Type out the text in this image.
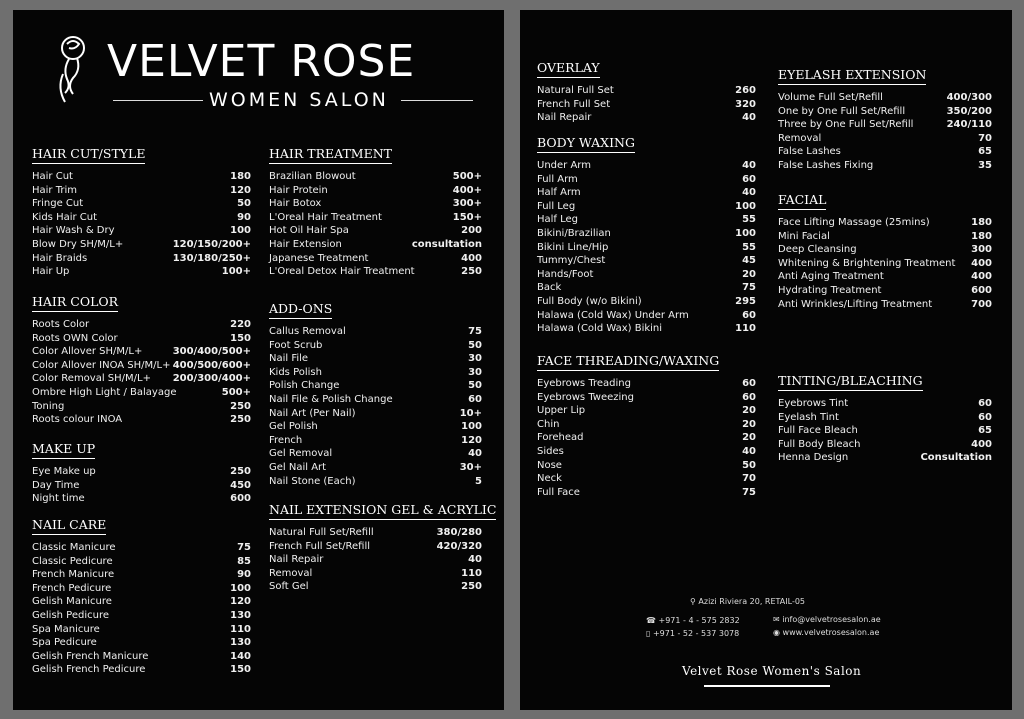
VELVET ROSE
WOMEN SALON
HAIR CUT/STYLE
Hair Cut	180
Hair Trim	120
Fringe Cut	50
Kids Hair Cut	90
Hair Wash & Dry	100
Blow Dry SH/M/L+	120/150/200+
Hair Braids	130/180/250+
Hair Up	100+
HAIR COLOR
Roots Color	220
Roots OWN Color	150
Color Allover SH/M/L+	300/400/500+
Color Allover INOA SH/M/L+ 400/500/600+
Color Removal SH/M/L+ 200/300/400+
Ombre High Light / Balayage	500+
Toning	250
Roots colour INOA	250
MAKE UP
Eye Make up	250
Day Time	450
Night time	600
NAIL CARE
Classic Manicure	75
Classic Pedicure	85
French Manicure	90
French Pedicure	100
Gelish Manicure	120
Gelish Pedicure	130
Spa Manicure	110
Spa Pedicure	130
Gelish French Manicure	140
Gelish French Pedicure	150
HAIR TREATMENT
Brazilian Blowout	500+
Hair Protein	400+
Hair Botox	300+
L'Oreal Hair Treatment	150+
Hot Oil Hair Spa	200
Hair Extension	consultation
Japanese Treatment	400
L'Oreal Detox Hair Treatment	250
ADD-ONS
Callus Removal	75
Foot Scrub	50
Nail File	30
Kids Polish	30
Polish Change	50
Nail File & Polish Change	60
Nail Art (Per Nail)	10+
Gel Polish	100
French	120
Gel Removal	40
Gel Nail Art	30+
Nail Stone (Each)	5
NAIL EXTENSION GEL & ACRYLIC
Natural Full Set/Refill	380/280
French Full Set/Refill	420/320
Nail Repair	40
Removal	110
Soft Gel	250
OVERLAY
Natural Full Set	260
French Full Set	320
Nail Repair	40
BODY WAXING
Under Arm	40
Full Arm	60
Half Arm	40
Full Leg	100
Half Leg	55
Bikini/Brazilian	100
Bikini Line/Hip	55
Tummy/Chest	45
Hands/Foot	20
Back	75
Full Body (w/o Bikini)	295
Halawa (Cold Wax) Under Arm	60
Halawa (Cold Wax) Bikini	110
FACE THREADING/WAXING
Eyebrows Treading	60
Eyebrows Tweezing	60
Upper Lip	20
Chin	20
Forehead	20
Sides	40
Nose	50
Neck	70
Full Face	75
EYELASH EXTENSION
Volume Full Set/Refill	400/300
One by One Full Set/Refill	350/200
Three by One Full Set/Refill	240/110
Removal	70
False Lashes	65
False Lashes Fixing	35
FACIAL
Face Lifting Massage (25mins)	180
Mini Facial	180
Deep Cleansing	300
Whitening & Brightening Treatment 400
Anti Aging Treatment	400
Hydrating Treatment	600
Anti Wrinkles/Lifting Treatment	700
TINTING/BLEACHING
Eyebrows Tint	60
Eyelash Tint	60
Full Face Bleach	65
Full Body Bleach	400
Henna Design	Consultation
⚲ Azizi Riviera 20, RETAIL-05
☎ +971 - 4 - 575 2832
▯ +971 - 52 - 537 3078
✉ info@velvetrosesalon.ae
◉ www.velvetrosesalon.ae
Velvet Rose Women's Salon
